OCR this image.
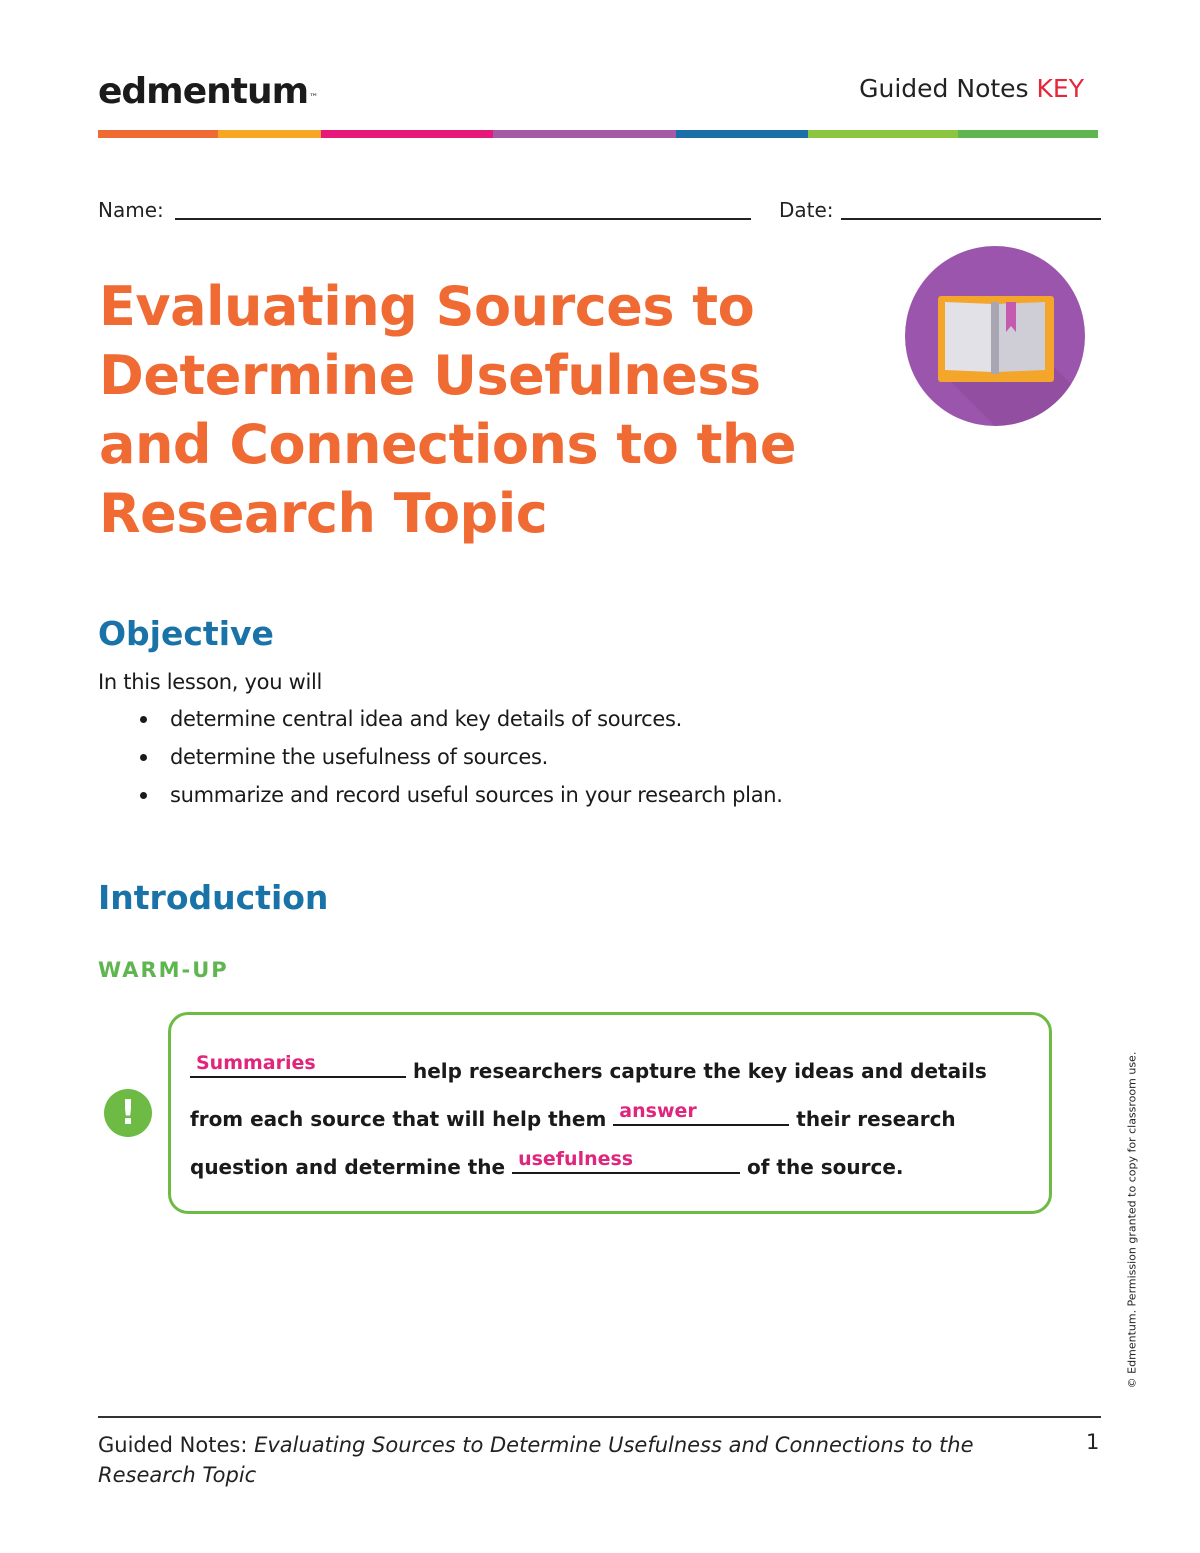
edmentum™	Guided Notes KEY
Name:	Date:
Evaluating Sources to Determine Usefulness and Connections to the Research Topic
Objective
In this lesson, you will
determine central idea and key details of sources.
determine the usefulness of sources.
summarize and record useful sources in your research plan.
Introduction
WARM-UP
!
Summaries	help researchers capture the key ideas and details
from each source that will help them answer	their research
question and determine the usefulness	of the source.	© Edmentum. Permission granted to copy for classroom use.
Guided Notes: Evaluating Sources to Determine Usefulness and Connections to the Research Topic
1
